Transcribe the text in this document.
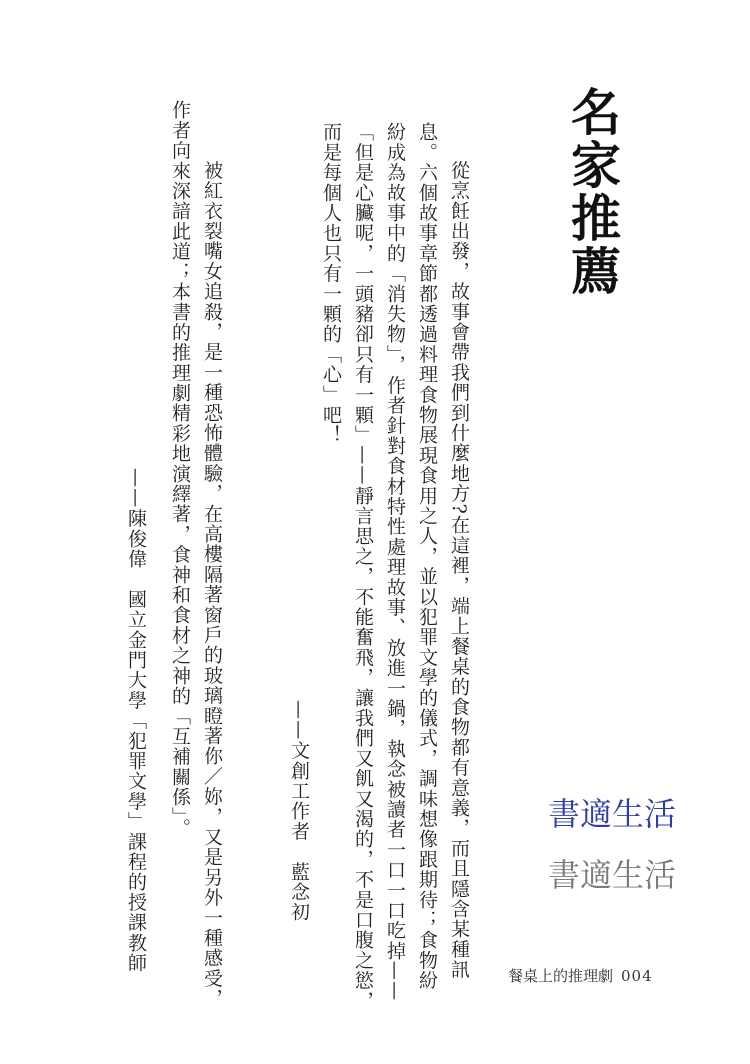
名家推薦
　從烹飪出發，故事會帶我們到什麼地方?在這裡，端上餐桌的食物都有意義，而且隱含某種訊
息。六個故事章節都透過料理食物展現食用之人，並以犯罪文學的儀式，調味想像跟期待；食物紛
紛成為故事中的「消失物」，作者針對食材特性處理故事、放進一鍋，執念被讀者一口一口吃掉——
「但是心臟呢，一頭豬卻只有一顆」——靜言思之，不能奮飛，讓我們又飢又渴的，不是口腹之慾，
而是每個人也只有一顆的「心」吧！
——文創工作者　藍念初
　被紅衣裂嘴女追殺，是一種恐怖體驗，在高樓隔著窗戶的玻璃瞪著你／妳，又是另外一種感受，
作者向來深諳此道；本書的推理劇精彩地演繹著，食神和食材之神的「互補關係」。
——陳俊偉　國立金門大學「犯罪文學」課程的授課教師	書適生活
書適生活
餐桌上的推理劇 004
